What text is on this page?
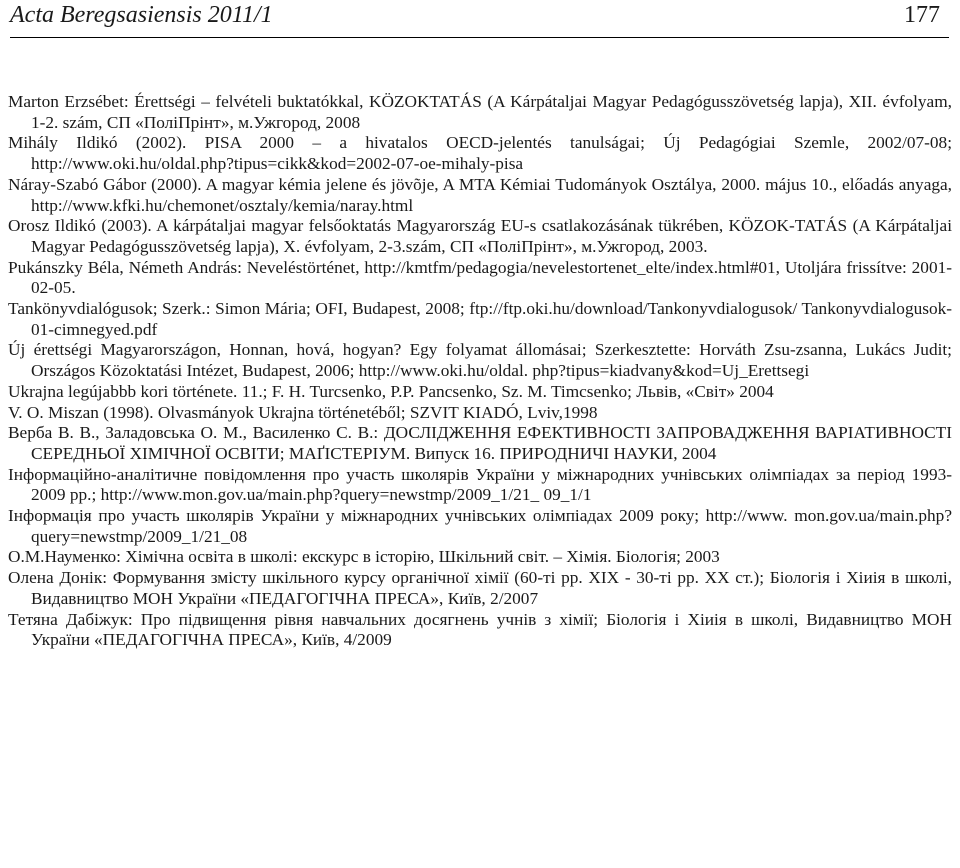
Acta Beregsasiensis 2011/1	177
Marton Erzsébet: Érettségi – felvételi buktatókkal, KÖZOKTATÁS (A Kárpátaljai Magyar Pedagógusszövetség lapja), XII. évfolyam, 1-2. szám, СП «ПоліПрінт», м.Ужгород, 2008
Mihály Ildikó (2002). PISA 2000 – a hivatalos OECD-jelentés tanulságai; Új Pedagógiai Szemle, 2002/07-08; http://www.oki.hu/oldal.php?tipus=cikk&kod=2002-07-oe-mihaly-pisa
Náray-Szabó Gábor (2000). A magyar kémia jelene és jövõje, A MTA Kémiai Tudományok Osztálya, 2000. május 10., előadás anyaga, http://www.kfki.hu/chemonet/osztaly/kemia/naray.html
Orosz Ildikó (2003). A kárpátaljai magyar felsőoktatás Magyarország EU-s csatlakozásának tükrében, KÖZOK-TATÁS (A Kárpátaljai Magyar Pedagógusszövetség lapja), X. évfolyam, 2-3.szám, СП «ПоліПрінт», м.Ужгород, 2003.
Pukánszky Béla, Németh András: Neveléstörténet, http://kmtfm/pedagogia/nevelestortenet_elte/index.html#01, Utoljára frissítve: 2001-02-05.
Tankönyvdialógusok; Szerk.: Simon Mária; OFI, Budapest, 2008; ftp://ftp.oki.hu/download/Tankonyvdialogusok/ Tankonyvdialogusok-01-cimnegyed.pdf
Új érettségi Magyarországon, Honnan, hová, hogyan? Egy folyamat állomásai; Szerkesztette: Horváth Zsu-zsanna, Lukács Judit; Országos Közoktatási Intézet, Budapest, 2006; http://www.oki.hu/oldal. php?tipus=kiadvany&kod=Uj_Erettsegi
Ukrajna legújabbb kori története. 11.; F. H. Turcsenko, P.P. Pancsenko, Sz. M. Timcsenko; Львів, «Світ» 2004
V. O. Miszan (1998). Olvasmányok Ukrajna történetéből; SZVIT KIADÓ, Lviv,1998
Верба В. В., Заладовська О. М., Василенко С. В.: ДОСЛІДЖЕННЯ ЕФЕКТИВНОСТІ ЗАПРОВАДЖЕННЯ ВАРІАТИВНОСТІ СЕРЕДНЬОЇ ХІМІЧНОЇ ОСВІТИ; МАҐІСТЕРІУМ. Випуск 16. ПРИРОДНИЧІ НАУКИ, 2004
Інформаційно-аналітичне повідомлення про участь школярів України у міжнародних учнівських олімпіадах за період 1993-2009 рр.; http://www.mon.gov.ua/main.php?query=newstmp/2009_1/21_ 09_1/1
Інформація про участь школярів України у міжнародних учнівських олімпіадах 2009 року; http://www. mon.gov.ua/main.php?query=newstmp/2009_1/21_08
О.М.Науменко: Хімічна освіта в школі: екскурс в історію, Шкільний світ. – Хімія. Біологія; 2003
Олена Донік: Формування змісту шкільного курсу органічної хімії (60-ті рр. XIX - 30-ті рр. XX ст.); Біологія і Хіиія в школі, Видавництво МОН України «ПЕДАГОГІЧНА ПРЕСА», Київ, 2/2007
Тетяна Дабіжук: Про підвищення рівня навчальних досягнень учнів з хімії; Біологія і Хіиія в школі, Видавництво МОН України «ПЕДАГОГІЧНА ПРЕСА», Київ, 4/2009
